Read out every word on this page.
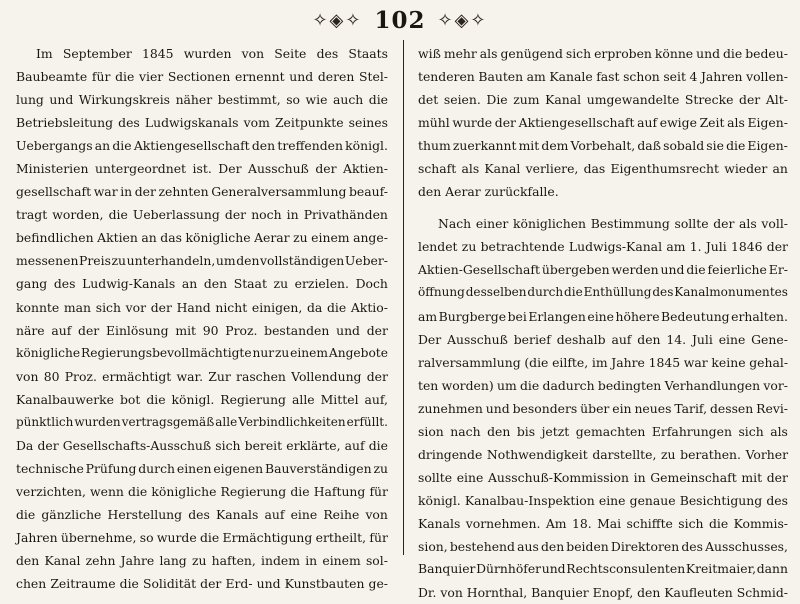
✧◈✧ 102 ✧◈✧
Im September 1845 wurden von Seite des Staats
Baubeamte für die vier Sectionen ernennt und deren Stel-
lung und Wirkungskreis näher bestimmt, so wie auch die
Betriebsleitung des Ludwigskanals vom Zeitpunkte seines
Uebergangs an die Aktiengesellschaft den treffenden königl.
Ministerien untergeordnet ist. Der Ausschuß der Aktien-
gesellschaft war in der zehnten Generalversammlung beauf-
tragt worden, die Ueberlassung der noch in Privathänden
befindlichen Aktien an das königliche Aerar zu einem ange-
messenen Preis zu unterhandeln, um den vollständigen Ueber-
gang des Ludwig-Kanals an den Staat zu erzielen. Doch
konnte man sich vor der Hand nicht einigen, da die Aktio-
näre auf der Einlösung mit 90 Proz. bestanden und der
königliche Regierungsbevollmächtigte nur zu einem Angebote
von 80 Proz. ermächtigt war. Zur raschen Vollendung der
Kanalbauwerke bot die königl. Regierung alle Mittel auf,
pünktlich wurden vertragsgemäß alle Verbindlichkeiten erfüllt.
Da der Gesellschafts-Ausschuß sich bereit erklärte, auf die
technische Prüfung durch einen eigenen Bauverständigen zu
verzichten, wenn die königliche Regierung die Haftung für
die gänzliche Herstellung des Kanals auf eine Reihe von
Jahren übernehme, so wurde die Ermächtigung ertheilt, für
den Kanal zehn Jahre lang zu haften, indem in einem sol-
chen Zeitraume die Solidität der Erd- und Kunstbauten ge-
wiß mehr als genügend sich erproben könne und die bedeu-
tenderen Bauten am Kanale fast schon seit 4 Jahren vollen-
det seien. Die zum Kanal umgewandelte Strecke der Alt-
mühl wurde der Aktiengesellschaft auf ewige Zeit als Eigen-
thum zuerkannt mit dem Vorbehalt, daß sobald sie die Eigen-
schaft als Kanal verliere, das Eigenthumsrecht wieder an
den Aerar zurückfalle.
Nach einer königlichen Bestimmung sollte der als voll-
lendet zu betrachtende Ludwigs-Kanal am 1. Juli 1846 der
Aktien-Gesellschaft übergeben werden und die feierliche Er-
öffnung desselben durch die Enthüllung des Kanalmonumentes
am Burgberge bei Erlangen eine höhere Bedeutung erhalten.
Der Ausschuß berief deshalb auf den 14. Juli eine Gene-
ralversammlung (die eilfte, im Jahre 1845 war keine gehal-
ten worden) um die dadurch bedingten Verhandlungen vor-
zunehmen und besonders über ein neues Tarif, dessen Revi-
sion nach den bis jetzt gemachten Erfahrungen sich als
dringende Nothwendigkeit darstellte, zu berathen. Vorher
sollte eine Ausschuß-Kommission in Gemeinschaft mit der
königl. Kanalbau-Inspektion eine genaue Besichtigung des
Kanals vornehmen. Am 18. Mai schiffte sich die Kommis-
sion, bestehend aus den beiden Direktoren des Ausschusses,
Banquier Dürnhöfer und Rechtsconsulenten Kreitmaier, dann
Dr. von Hornthal, Banquier Enopf, den Kaufleuten Schmid-
